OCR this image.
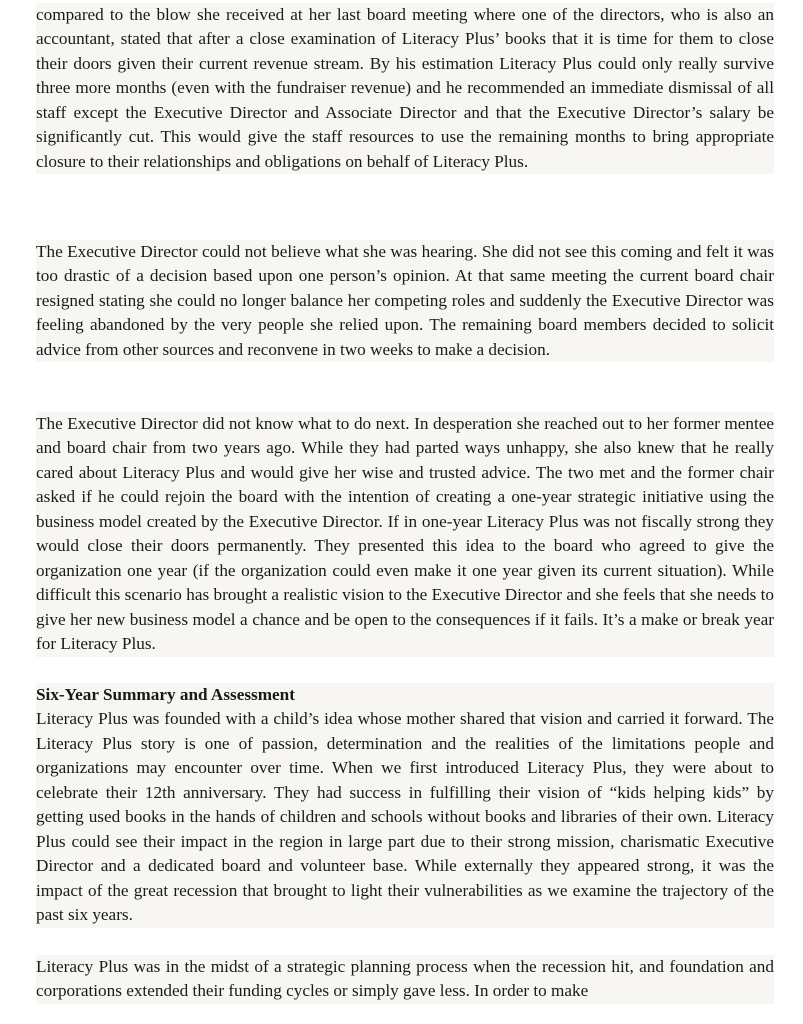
compared to the blow she received at her last board meeting where one of the directors, who is also an accountant, stated that after a close examination of Literacy Plus’ books that it is time for them to close their doors given their current revenue stream. By his estimation Literacy Plus could only really survive three more months (even with the fundraiser revenue) and he recommended an immediate dismissal of all staff except the Executive Director and Associate Director and that the Executive Director’s salary be significantly cut. This would give the staff resources to use the remaining months to bring appropriate closure to their relationships and obligations on behalf of Literacy Plus.

The Executive Director could not believe what she was hearing. She did not see this coming and felt it was too drastic of a decision based upon one person’s opinion. At that same meeting the current board chair resigned stating she could no longer balance her competing roles and suddenly the Executive Director was feeling abandoned by the very people she relied upon. The remaining board members decided to solicit advice from other sources and reconvene in two weeks to make a decision.

The Executive Director did not know what to do next. In desperation she reached out to her former mentee and board chair from two years ago. While they had parted ways unhappy, she also knew that he really cared about Literacy Plus and would give her wise and trusted advice. The two met and the former chair asked if he could rejoin the board with the intention of creating a one-year strategic initiative using the business model created by the Executive Director. If in one-year Literacy Plus was not fiscally strong they would close their doors permanently. They presented this idea to the board who agreed to give the organization one year (if the organization could even make it one year given its current situation). While difficult this scenario has brought a realistic vision to the Executive Director and she feels that she needs to give her new business model a chance and be open to the consequences if it fails. It’s a make or break year for Literacy Plus.

Six-Year Summary and Assessment

Literacy Plus was founded with a child’s idea whose mother shared that vision and carried it forward. The Literacy Plus story is one of passion, determination and the realities of the limitations people and organizations may encounter over time. When we first introduced Literacy Plus, they were about to celebrate their 12th anniversary. They had success in fulfilling their vision of “kids helping kids” by getting used books in the hands of children and schools without books and libraries of their own. Literacy Plus could see their impact in the region in large part due to their strong mission, charismatic Executive Director and a dedicated board and volunteer base. While externally they appeared strong, it was the impact of the great recession that brought to light their vulnerabilities as we examine the trajectory of the past six years.

Literacy Plus was in the midst of a strategic planning process when the recession hit, and foundation and corporations extended their funding cycles or simply gave less. In order to make
